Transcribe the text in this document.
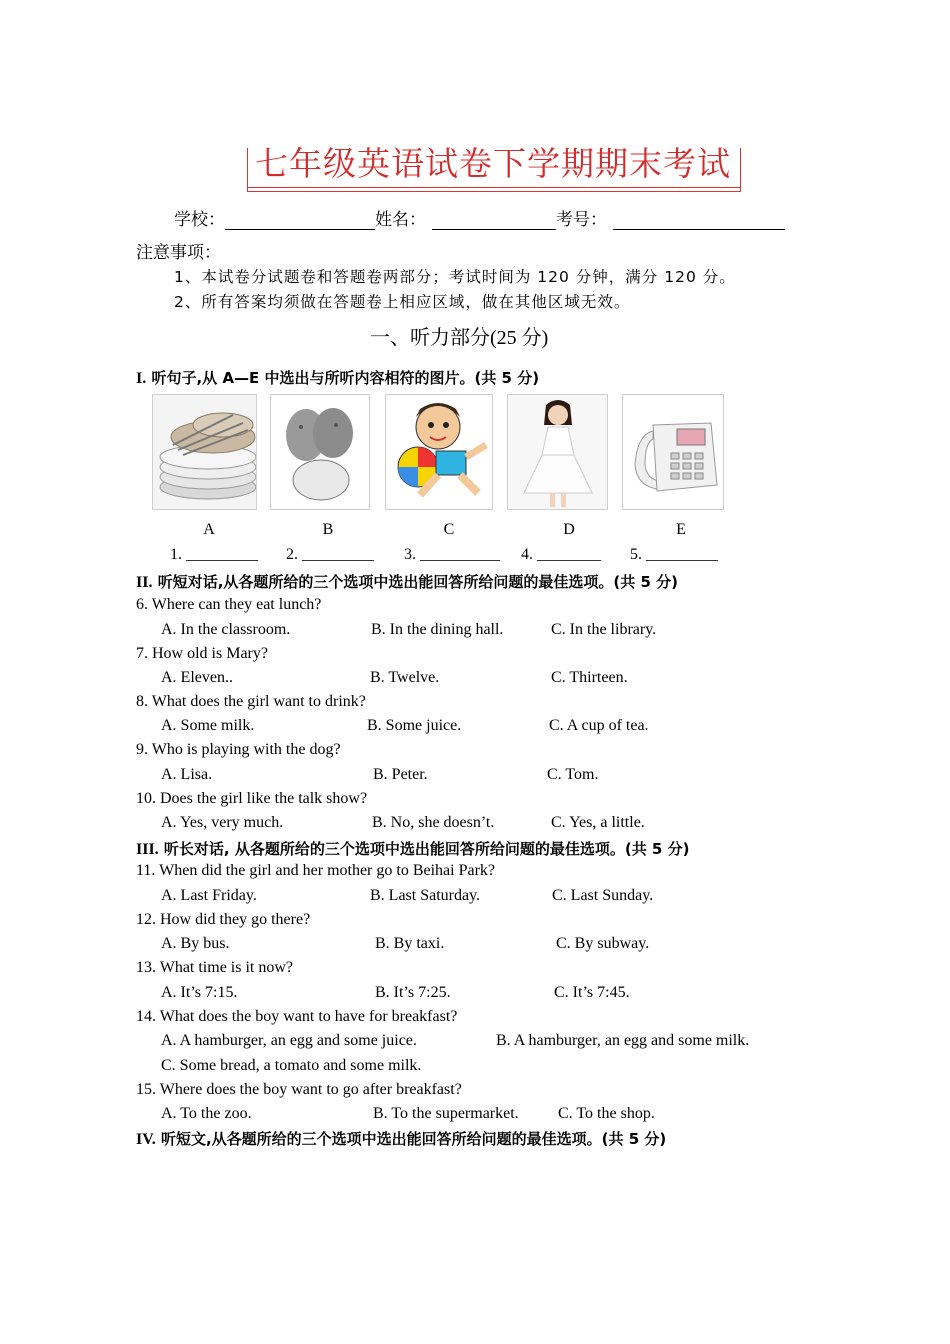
七年级英语试卷下学期期末考试
学校：	姓名：	考号：
注意事项：
1、本试卷分试题卷和答题卷两部分；考试时间为 120 分钟，满分 120 分。
2、所有答案均须做在答题卷上相应区域，做在其他区域无效。
一、听力部分(25 分)
I. 听句子,从 A—E 中选出与所听内容相符的图片。(共 5 分)
A	B	C	D	E
1. _________ 2. _________ 3. __________ 4. ________ 5. _________
II. 听短对话,从各题所给的三个选项中选出能回答所给问题的最佳选项。(共 5 分)
6. Where can they eat lunch?
A. In the classroom.	B. In the dining hall.	C. In the library.
7. How old is Mary?
A. Eleven..	B. Twelve.	C. Thirteen.
8. What does the girl want to drink?
A. Some milk.	B. Some juice.	C. A cup of tea.
9. Who is playing with the dog?
A. Lisa.	B. Peter.	C. Tom.
10. Does the girl like the talk show?
A. Yes, very much.	B. No, she doesn’t.	C. Yes, a little.
III. 听长对话, 从各题所给的三个选项中选出能回答所给问题的最佳选项。(共 5 分)
11. When did the girl and her mother go to Beihai Park?
A. Last Friday.	B. Last Saturday.	C. Last Sunday.
12. How did they go there?
A. By bus.	B. By taxi.	C. By subway.
13. What time is it now?
A. It’s 7:15.	B. It’s 7:25.	C. It’s 7:45.
14. What does the boy want to have for breakfast?
A. A hamburger, an egg and some juice.	B. A hamburger, an egg and some milk.
C. Some bread, a tomato and some milk.
15. Where does the boy want to go after breakfast?
A. To the zoo.	B. To the supermarket. C. To the shop.
IV. 听短文,从各题所给的三个选项中选出能回答所给问题的最佳选项。(共 5 分)
